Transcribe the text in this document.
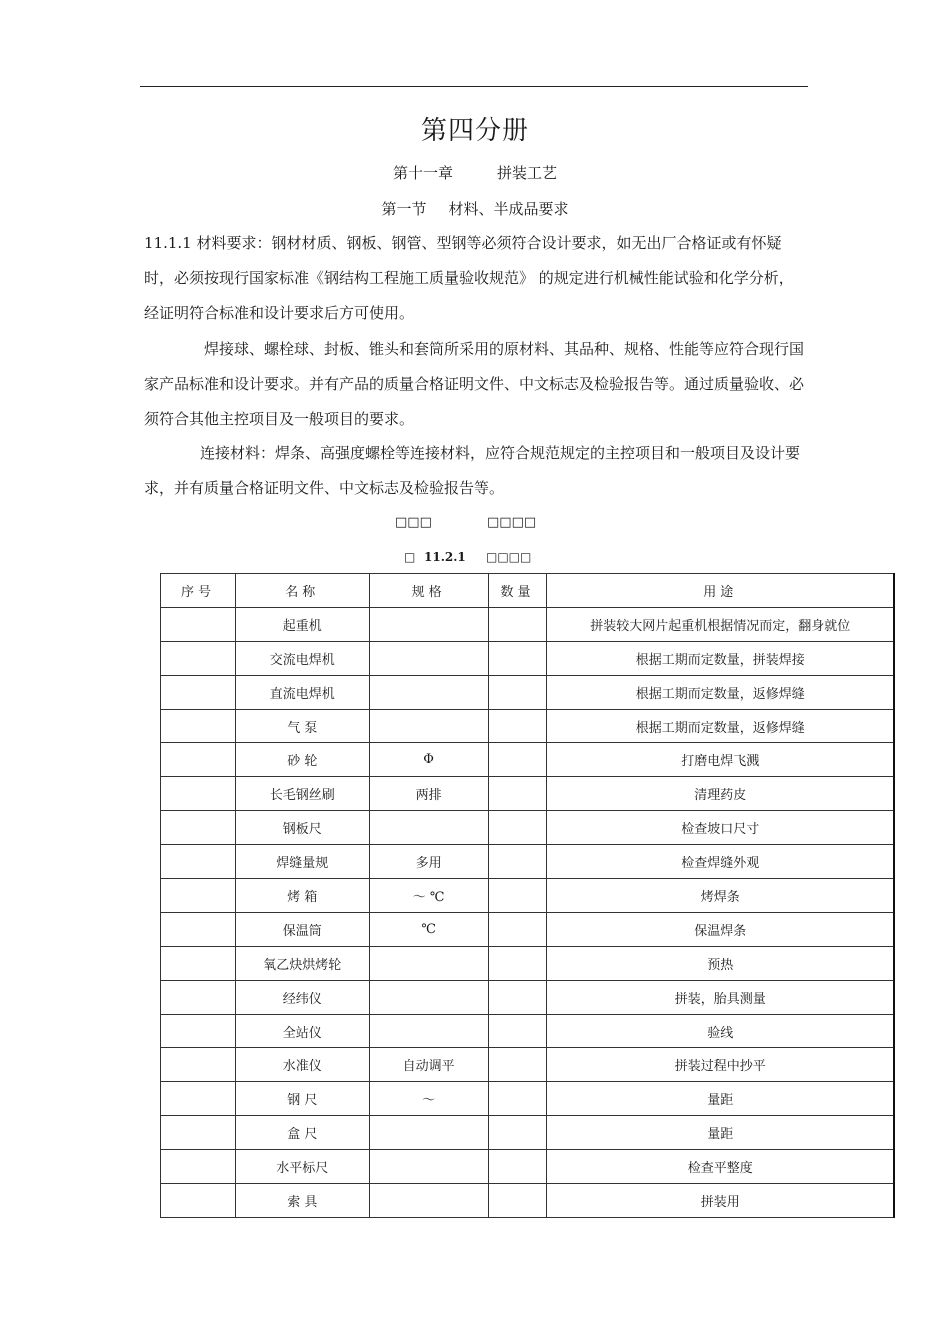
第四分册
第十一章	拼装工艺
第一节 材料、半成品要求
11.1.1 材料要求：钢材材质、钢板、钢管、型钢等必须符合设计要求，如无出厂合格证或有怀疑时，必须按现行国家标准《钢结构工程施工质量验收规范》 的规定进行机械性能试验和化学分析，经证明符合标准和设计要求后方可使用。
焊接球、螺栓球、封板、锥头和套筒所采用的原材料、其品种、规格、性能等应符合现行国家产品标准和设计要求。并有产品的质量合格证明文件、中文标志及检验报告等。通过质量验收、必须符合其他主控项目及一般项目的要求。
连接材料：焊条、高强度螺栓等连接材料，应符合规范规定的主控项目和一般项目及设计要求，并有质量合格证明文件、中文标志及检验报告等。
□□□	□□□□
□ 11.2.1 □□□□
序号	名称	规格	数量	用途
	起重机			拼装较大网片起重机根据情况而定，翻身就位
	交流电焊机			根据工期而定数量，拼装焊接
	直流电焊机			根据工期而定数量，返修焊缝
	气 泵			根据工期而定数量，返修焊缝
	砂 轮	Φ		打磨电焊飞溅
	长毛钢丝刷	两排		清理药皮
	钢板尺			检查坡口尺寸
	焊缝量规	多用		检查焊缝外观
	烤 箱	～ ℃		烤焊条
	保温筒	℃		保温焊条
	氧乙炔烘烤轮			预热
	经纬仪			拼装，胎具测量
	全站仪			验线
	水准仪	自动调平		拼装过程中抄平
	钢 尺	～		量距
	盒 尺			量距
	水平标尺			检查平整度
	索 具			拼装用
